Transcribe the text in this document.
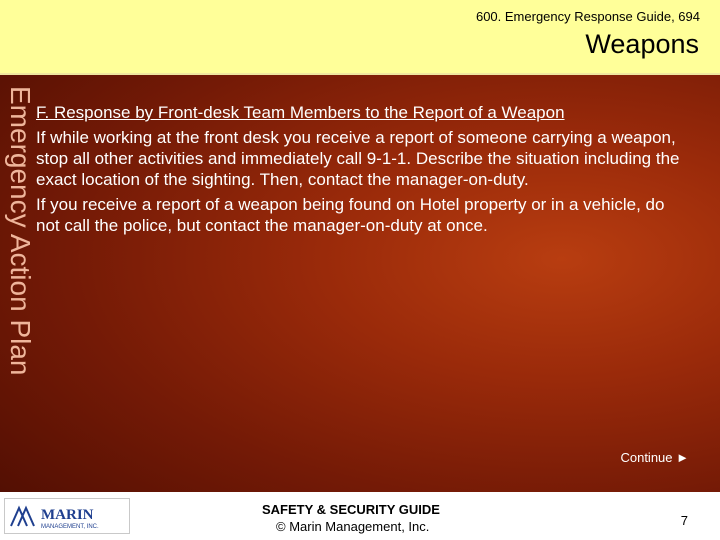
600. Emergency Response Guide, 694
Weapons
Emergency Action Plan F. Response by Front-desk Team Members to the Report of a Weapon

If while working at the front desk you receive a report of someone carrying a weapon, stop all other activities and immediately call 9-1-1. Describe the situation including the exact location of the sighting. Then, contact the manager-on-duty.

If you receive a report of a weapon being found on Hotel property or in a vehicle, do not call the police, but contact the manager-on-duty at once.

Continue ►
MARIN
MANAGEMENT, INC.
SAFETY & SECURITY GUIDE
© Marin Management, Inc.	7
